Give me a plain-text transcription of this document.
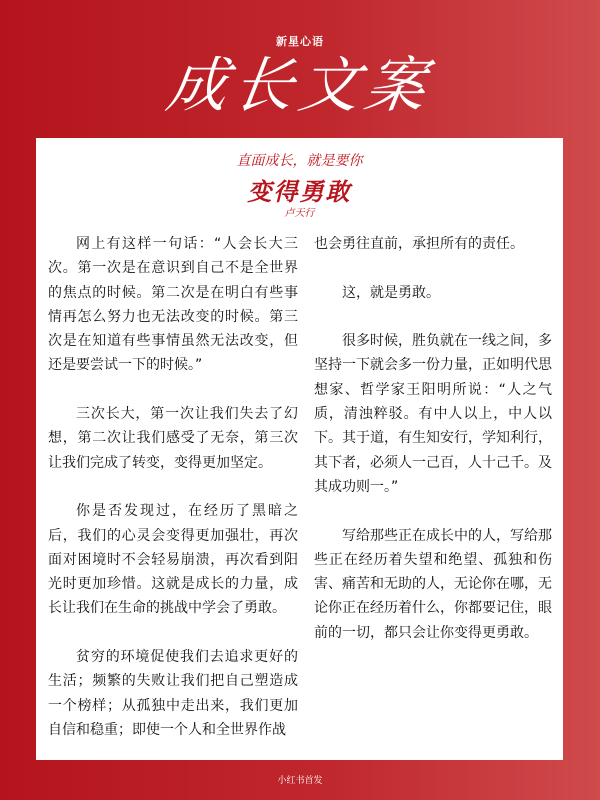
新星心语
成长文案
直面成长，就是要你
变得勇敢
卢天行

网上有这样一句话：“人会长大三次。第一次是在意识到自己不是全世界的焦点的时候。第二次是在明白有些事情再怎么努力也无法改变的时候。第三次是在知道有些事情虽然无法改变，但还是要尝试一下的时候。”

三次长大，第一次让我们失去了幻想，第二次让我们感受了无奈，第三次让我们完成了转变，变得更加坚定。

你是否发现过，在经历了黑暗之后，我们的心灵会变得更加强壮，再次面对困境时不会轻易崩溃，再次看到阳光时更加珍惜。这就是成长的力量，成长让我们在生命的挑战中学会了勇敢。

贫穷的环境促使我们去追求更好的生活；频繁的失败让我们把自己塑造成一个榜样；从孤独中走出来，我们更加自信和稳重；即使一个人和全世界作战

也会勇往直前，承担所有的责任。

这，就是勇敢。

很多时候，胜负就在一线之间，多坚持一下就会多一份力量，正如明代思想家、哲学家王阳明所说：“人之气质，清浊粹驳。有中人以上，中人以下。其于道，有生知安行，学知利行，其下者，必须人一己百，人十己千。及其成功则一。”

写给那些正在成长中的人，写给那些正在经历着失望和绝望、孤独和伤害、痛苦和无助的人，无论你在哪，无论你正在经历着什么，你都要记住，眼前的一切，都只会让你变得更勇敢。

小红书首发
